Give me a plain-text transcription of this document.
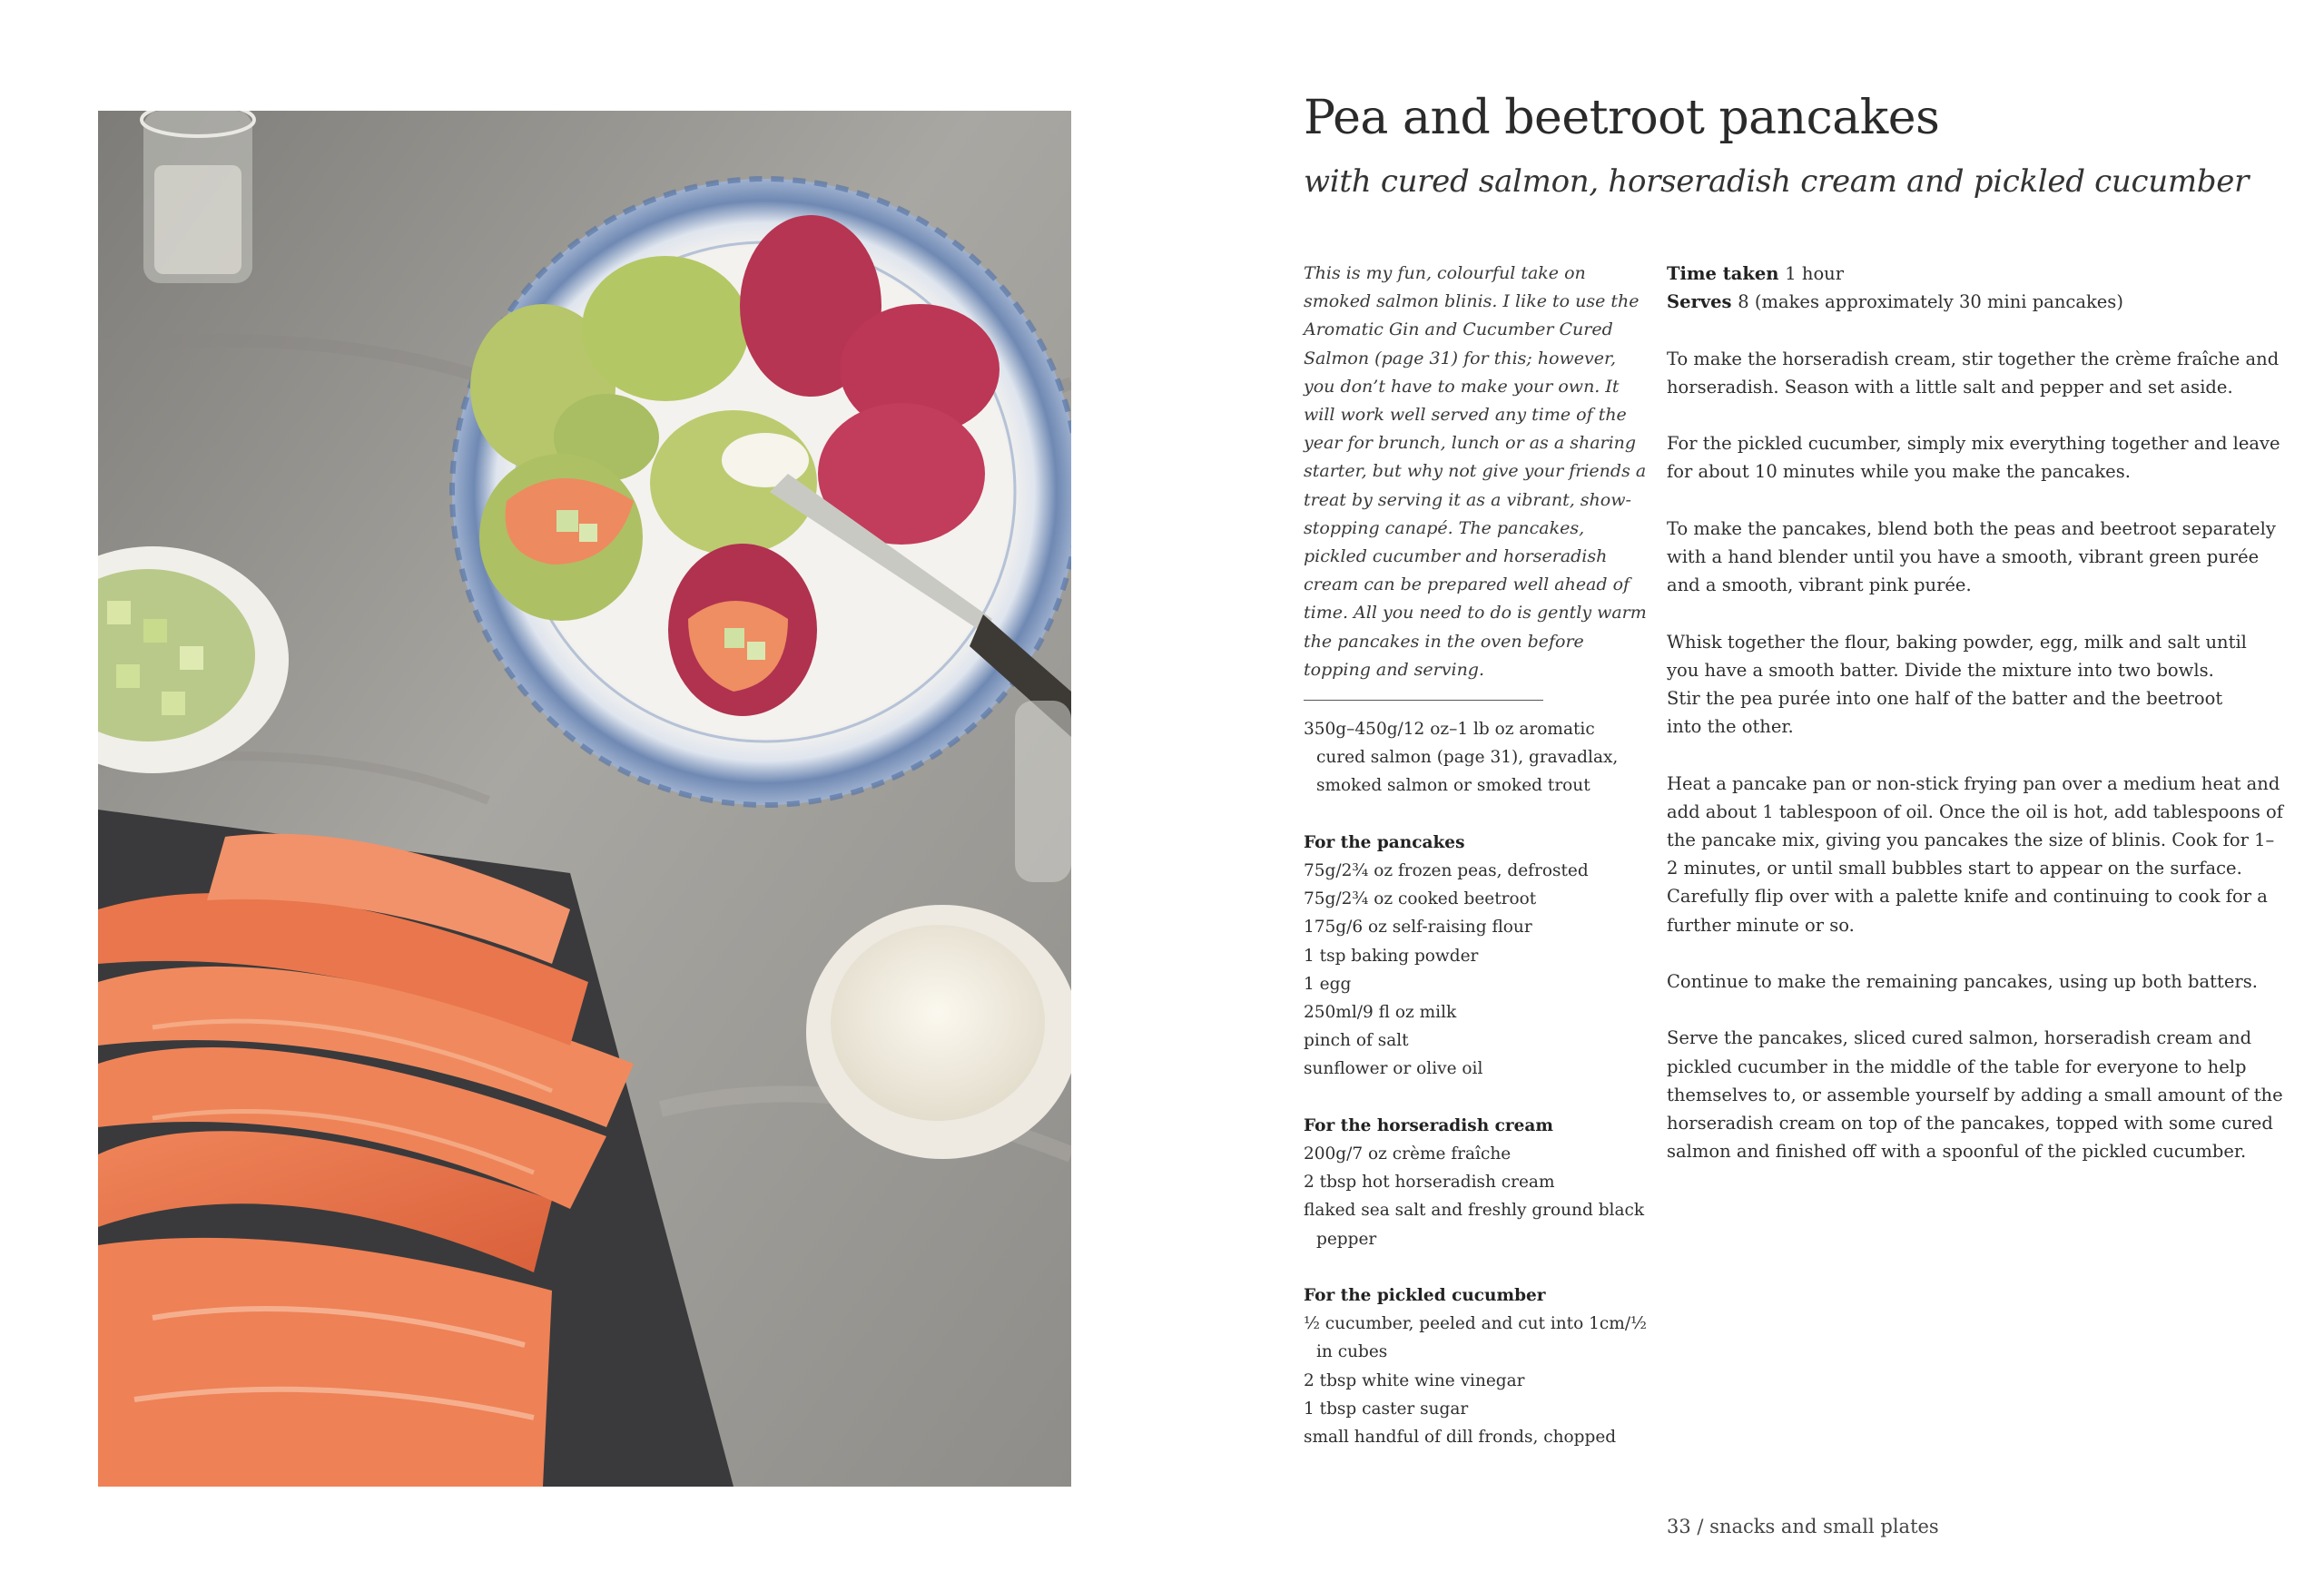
Pea and beetroot pancakes
with cured salmon, horseradish cream and pickled cucumber

This is my fun, colourful take on smoked salmon blinis. I like to use the Aromatic Gin and Cucumber Cured Salmon (page 31) for this; however, you don’t have to make your own. It will work well served any time of the year for brunch, lunch or as a sharing starter, but why not give your friends a treat by serving it as a vibrant, show-stopping canapé. The pancakes, pickled cucumber and horseradish cream can be prepared well ahead of time. All you need to do is gently warm the pancakes in the oven before topping and serving.

350g–450g/12 oz–1 lb oz aromatic cured salmon (page 31), gravadlax, smoked salmon or smoked trout
For the pancakes
75g/2¾ oz frozen peas, defrosted
75g/2¾ oz cooked beetroot
175g/6 oz self-raising flour
1 tsp baking powder
1 egg
250ml/9 fl oz milk
pinch of salt
sunflower or olive oil
For the horseradish cream
200g/7 oz crème fraîche
2 tbsp hot horseradish cream
flaked sea salt and freshly ground black pepper
For the pickled cucumber
½ cucumber, peeled and cut into 1cm/½ in cubes
2 tbsp white wine vinegar
1 tbsp caster sugar
small handful of dill fronds, chopped
Time taken 1 hour
Serves 8 (makes approximately 30 mini pancakes)

To make the horseradish cream, stir together the crème fraîche and horseradish. Season with a little salt and pepper and set aside.

For the pickled cucumber, simply mix everything together and leave for about 10 minutes while you make the pancakes.

To make the pancakes, blend both the peas and beetroot separately with a hand blender until you have a smooth, vibrant green purée and a smooth, vibrant pink purée.

Whisk together the flour, baking powder, egg, milk and salt until you have a smooth batter. Divide the mixture into two bowls.
Stir the pea purée into one half of the batter and the beetroot
into the other.

Heat a pancake pan or non-stick frying pan over a medium heat and add about 1 tablespoon of oil. Once the oil is hot, add tablespoons of the pancake mix, giving you pancakes the size of blinis. Cook for 1–2 minutes, or until small bubbles start to appear on the surface. Carefully flip over with a palette knife and continuing to cook for a further minute or so.

Continue to make the remaining pancakes, using up both batters.

Serve the pancakes, sliced cured salmon, horseradish cream and pickled cucumber in the middle of the table for everyone to help themselves to, or assemble yourself by adding a small amount of the horseradish cream on top of the pancakes, topped with some cured salmon and finished off with a spoonful of the pickled cucumber.

33 / snacks and small plates
